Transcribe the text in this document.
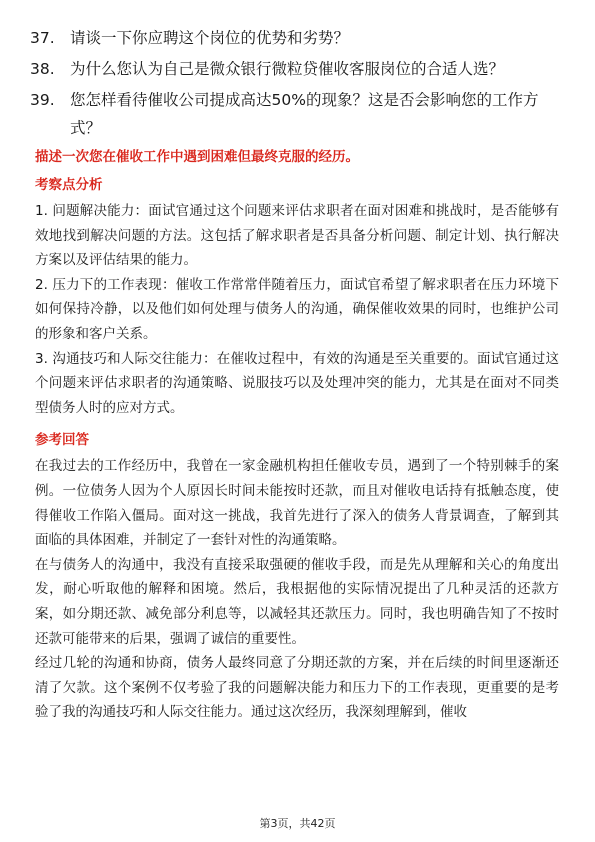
37. 请谈一下你应聘这个岗位的优势和劣势？
38. 为什么您认为自己是微众银行微粒贷催收客服岗位的合适人选？
39. 您怎样看待催收公司提成高达50%的现象？这是否会影响您的工作方式？

描述一次您在催收工作中遇到困难但最终克服的经历。

考察点分析

1. 问题解决能力：面试官通过这个问题来评估求职者在面对困难和挑战时，是否能够有效地找到解决问题的方法。这包括了解求职者是否具备分析问题、制定计划、执行解决方案以及评估结果的能力。

2. 压力下的工作表现：催收工作常常伴随着压力，面试官希望了解求职者在压力环境下如何保持冷静，以及他们如何处理与债务人的沟通，确保催收效果的同时，也维护公司的形象和客户关系。

3. 沟通技巧和人际交往能力：在催收过程中，有效的沟通是至关重要的。面试官通过这个问题来评估求职者的沟通策略、说服技巧以及处理冲突的能力，尤其是在面对不同类型债务人时的应对方式。

参考回答

在我过去的工作经历中，我曾在一家金融机构担任催收专员，遇到了一个特别棘手的案例。一位债务人因为个人原因长时间未能按时还款，而且对催收电话持有抵触态度，使得催收工作陷入僵局。面对这一挑战，我首先进行了深入的债务人背景调查，了解到其面临的具体困难，并制定了一套针对性的沟通策略。

在与债务人的沟通中，我没有直接采取强硬的催收手段，而是先从理解和关心的角度出发，耐心听取他的解释和困境。然后，我根据他的实际情况提出了几种灵活的还款方案，如分期还款、减免部分利息等，以减轻其还款压力。同时，我也明确告知了不按时还款可能带来的后果，强调了诚信的重要性。

经过几轮的沟通和协商，债务人最终同意了分期还款的方案，并在后续的时间里逐渐还清了欠款。这个案例不仅考验了我的问题解决能力和压力下的工作表现，更重要的是考验了我的沟通技巧和人际交往能力。通过这次经历，我深刻理解到，催收

第3页，共42页
